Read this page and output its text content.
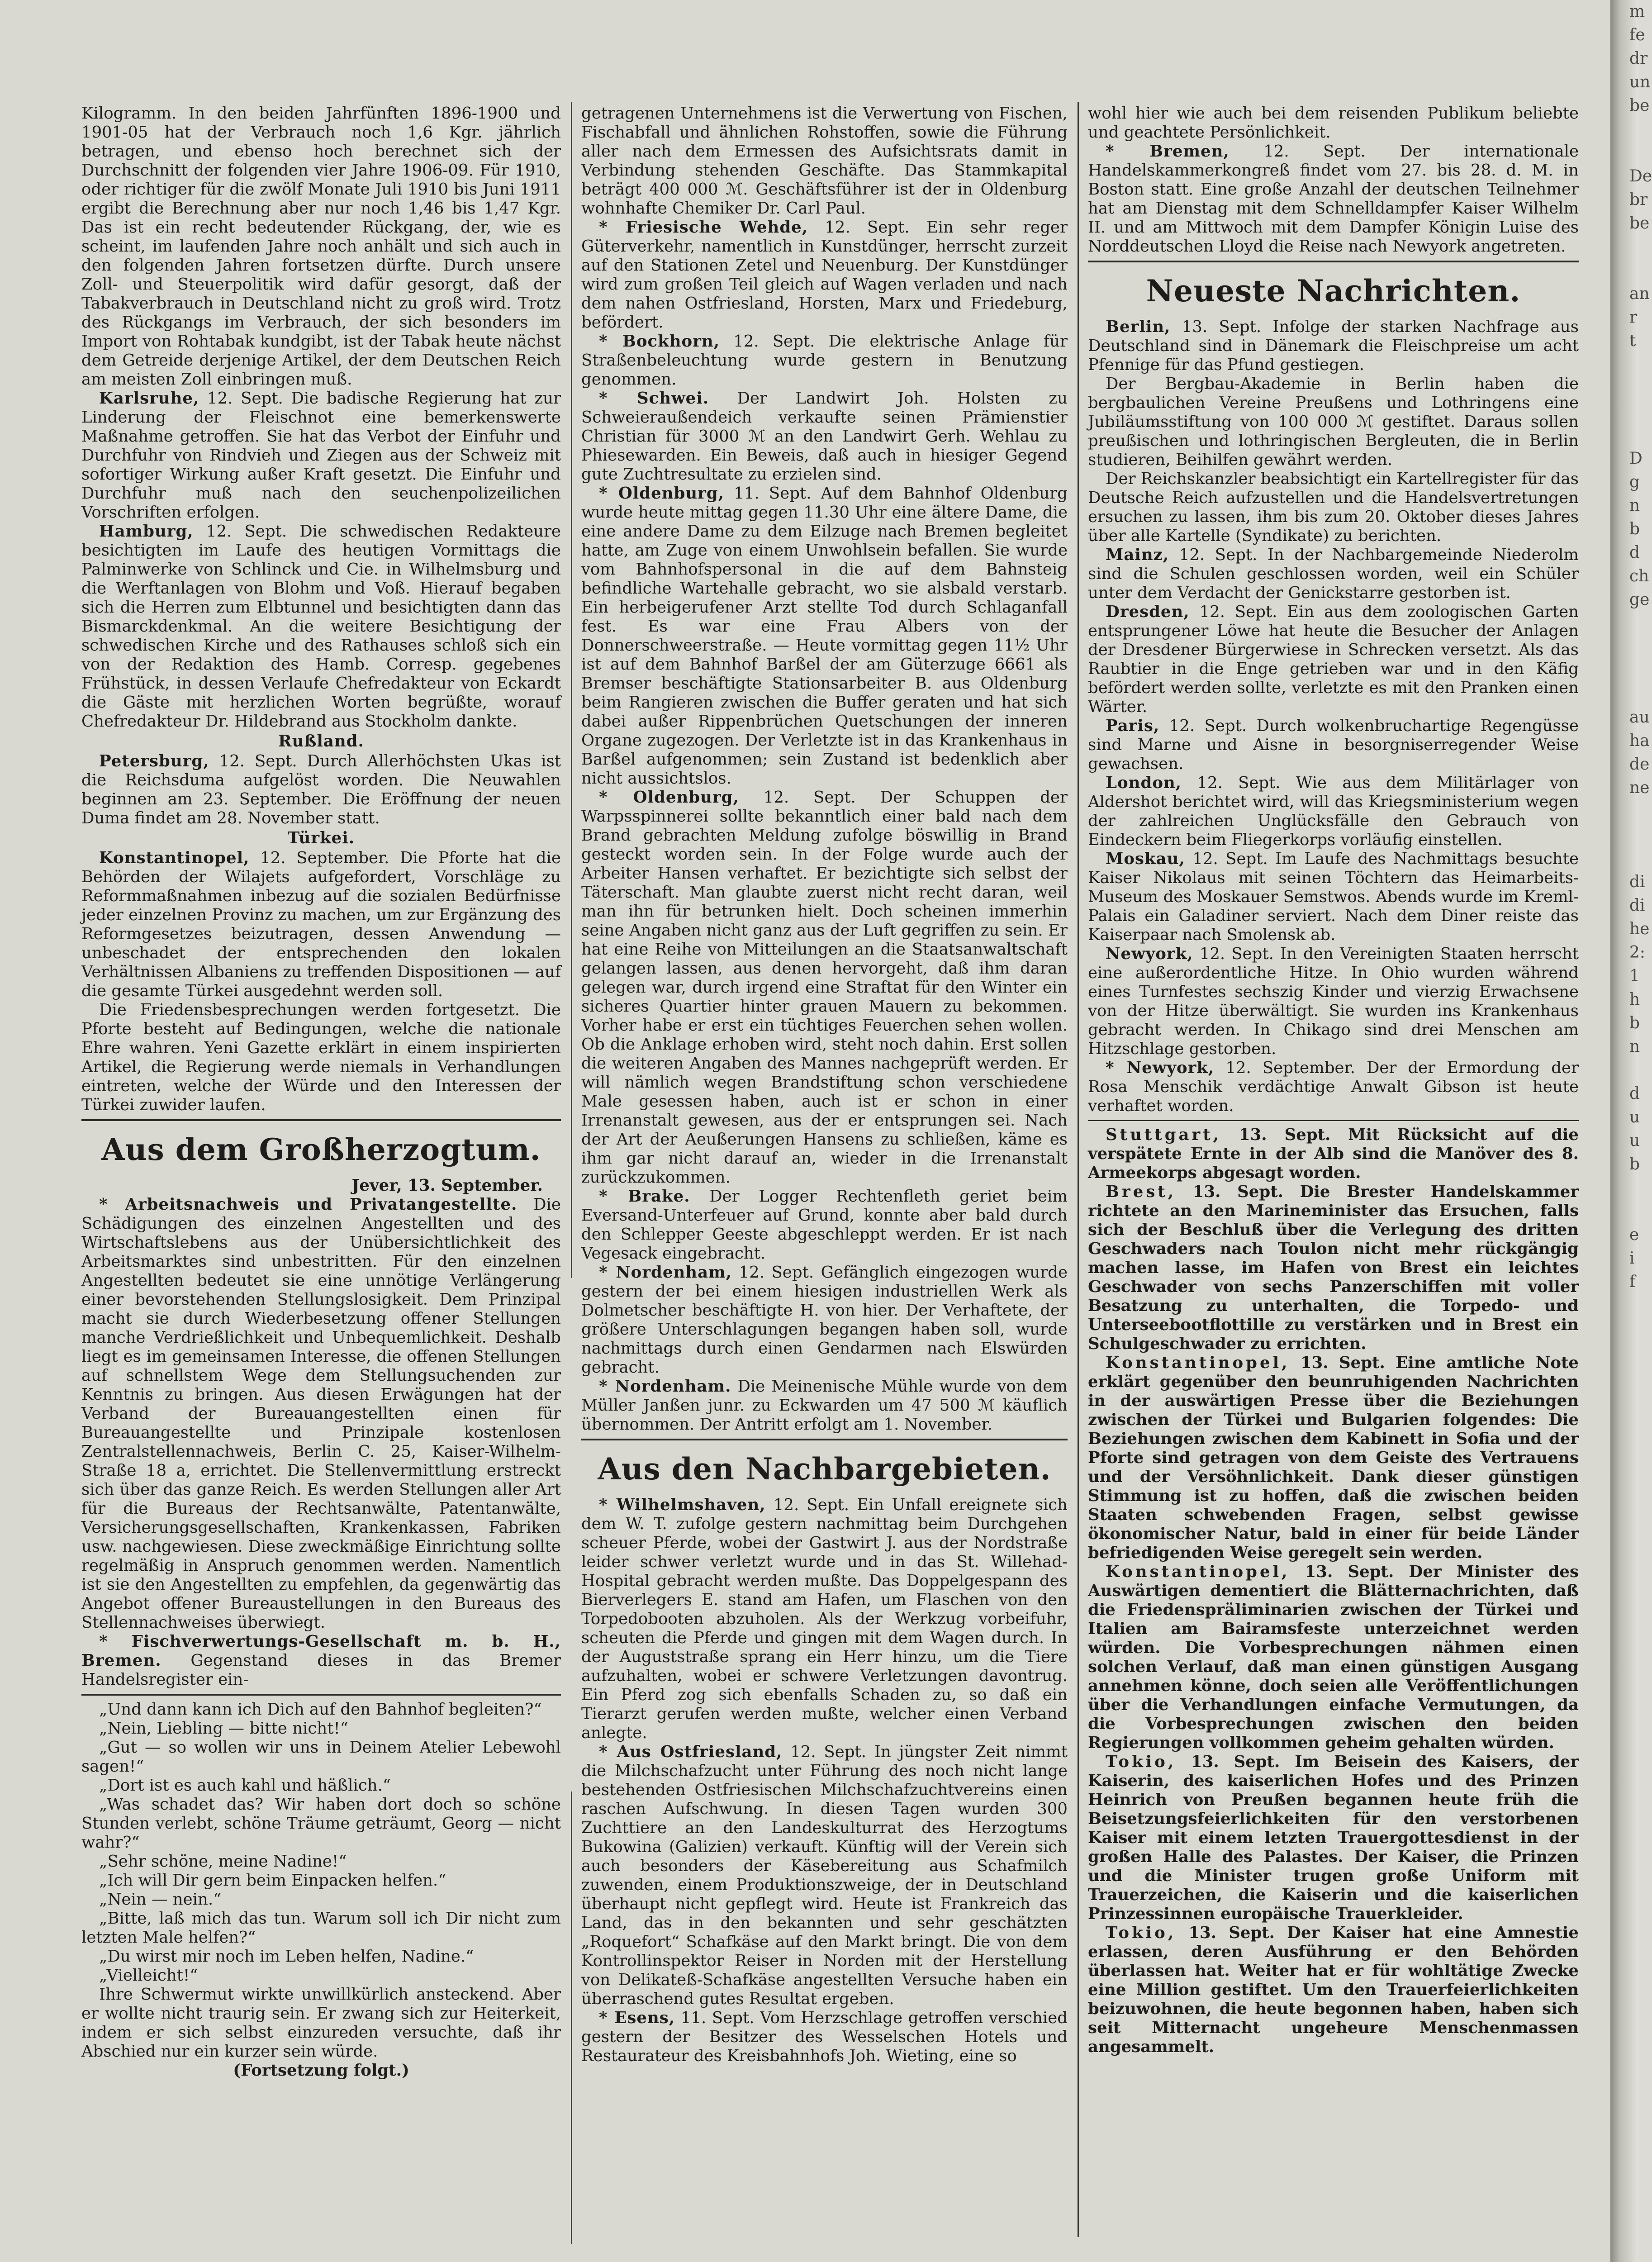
Kilogramm. In den beiden Jahrfünften 1896-1900 und 1901-05 hat der Verbrauch noch 1,6 Kgr. jährlich betragen, und ebenso hoch berechnet sich der Durchschnitt der folgenden vier Jahre 1906-09. Für 1910, oder richtiger für die zwölf Monate Juli 1910 bis Juni 1911 ergibt die Berechnung aber nur noch 1,46 bis 1,47 Kgr. Das ist ein recht bedeutender Rückgang, der, wie es scheint, im laufenden Jahre noch anhält und sich auch in den folgenden Jahren fortsetzen dürfte. Durch unsere Zoll- und Steuerpolitik wird dafür gesorgt, daß der Tabakverbrauch in Deutschland nicht zu groß wird. Trotz des Rückgangs im Verbrauch, der sich besonders im Import von Rohtabak kundgibt, ist der Tabak heute nächst dem Getreide derjenige Artikel, der dem Deutschen Reich am meisten Zoll einbringen muß.

Karlsruhe, 12. Sept. Die badische Regierung hat zur Linderung der Fleischnot eine bemerkenswerte Maßnahme getroffen. Sie hat das Verbot der Einfuhr und Durchfuhr von Rindvieh und Ziegen aus der Schweiz mit sofortiger Wirkung außer Kraft gesetzt. Die Einfuhr und Durchfuhr muß nach den seuchenpolizeilichen Vorschriften erfolgen.

Hamburg, 12. Sept. Die schwedischen Redakteure besichtigten im Laufe des heutigen Vormittags die Palminwerke von Schlinck und Cie. in Wilhelmsburg und die Werftanlagen von Blohm und Voß. Hierauf begaben sich die Herren zum Elbtunnel und besichtigten dann das Bismarckdenkmal. An die weitere Besichtigung der schwedischen Kirche und des Rathauses schloß sich ein von der Redaktion des Hamb. Corresp. gegebenes Frühstück, in dessen Verlaufe Chefredakteur von Eckardt die Gäste mit herzlichen Worten begrüßte, worauf Chefredakteur Dr. Hildebrand aus Stockholm dankte.

Rußland.

Petersburg, 12. Sept. Durch Allerhöchsten Ukas ist die Reichsduma aufgelöst worden. Die Neuwahlen beginnen am 23. September. Die Eröffnung der neuen Duma findet am 28. November statt.

Türkei.

Konstantinopel, 12. September. Die Pforte hat die Behörden der Wilajets aufgefordert, Vorschläge zu Reformmaßnahmen inbezug auf die sozialen Bedürfnisse jeder einzelnen Provinz zu machen, um zur Ergänzung des Reformgesetzes beizutragen, dessen Anwendung — unbeschadet der entsprechenden den lokalen Verhältnissen Albaniens zu treffenden Dispositionen — auf die gesamte Türkei ausgedehnt werden soll.

Die Friedensbesprechungen werden fortgesetzt. Die Pforte besteht auf Bedingungen, welche die nationale Ehre wahren. Yeni Gazette erklärt in einem inspirierten Artikel, die Regierung werde niemals in Verhandlungen eintreten, welche der Würde und den Interessen der Türkei zuwider laufen.

Aus dem Großherzogtum.
Jever, 13. September.

* Arbeitsnachweis und Privatangestellte. Die Schädigungen des einzelnen Angestellten und des Wirtschaftslebens aus der Unübersichtlichkeit des Arbeitsmarktes sind unbestritten. Für den einzelnen Angestellten bedeutet sie eine unnötige Verlängerung einer bevorstehenden Stellungslosigkeit. Dem Prinzipal macht sie durch Wiederbesetzung offener Stellungen manche Verdrießlichkeit und Unbequemlichkeit. Deshalb liegt es im gemeinsamen Interesse, die offenen Stellungen auf schnellstem Wege dem Stellungsuchenden zur Kenntnis zu bringen. Aus diesen Erwägungen hat der Verband der Bureauangestellten einen für Bureauangestellte und Prinzipale kostenlosen Zentralstellennachweis, Berlin C. 25, Kaiser-Wilhelm-Straße 18 a, errichtet. Die Stellenvermittlung erstreckt sich über das ganze Reich. Es werden Stellungen aller Art für die Bureaus der Rechtsanwälte, Patentanwälte, Versicherungsgesellschaften, Krankenkassen, Fabriken usw. nachgewiesen. Diese zweckmäßige Einrichtung sollte regelmäßig in Anspruch genommen werden. Namentlich ist sie den Angestellten zu empfehlen, da gegenwärtig das Angebot offener Bureaustellungen in den Bureaus des Stellennachweises überwiegt.

* Fischverwertungs-Gesellschaft m. b. H., Bremen. Gegenstand dieses in das Bremer Handelsregister ein-

„Und dann kann ich Dich auf den Bahnhof begleiten?“

„Nein, Liebling — bitte nicht!“

„Gut — so wollen wir uns in Deinem Atelier Lebewohl sagen!“

„Dort ist es auch kahl und häßlich.“

„Was schadet das? Wir haben dort doch so schöne Stunden verlebt, schöne Träume geträumt, Georg — nicht wahr?“

„Sehr schöne, meine Nadine!“

„Ich will Dir gern beim Einpacken helfen.“

„Nein — nein.“

„Bitte, laß mich das tun. Warum soll ich Dir nicht zum letzten Male helfen?“

„Du wirst mir noch im Leben helfen, Nadine.“

„Vielleicht!“

Ihre Schwermut wirkte unwillkürlich ansteckend. Aber er wollte nicht traurig sein. Er zwang sich zur Heiterkeit, indem er sich selbst einzureden versuchte, daß ihr Abschied nur ein kurzer sein würde.

(Fortsetzung folgt.)

getragenen Unternehmens ist die Verwertung von Fischen, Fischabfall und ähnlichen Rohstoffen, sowie die Führung aller nach dem Ermessen des Aufsichtsrats damit in Verbindung stehenden Geschäfte. Das Stammkapital beträgt 400 000 ℳ. Geschäftsführer ist der in Oldenburg wohnhafte Chemiker Dr. Carl Paul.

* Friesische Wehde, 12. Sept. Ein sehr reger Güterverkehr, namentlich in Kunstdünger, herrscht zurzeit auf den Stationen Zetel und Neuenburg. Der Kunstdünger wird zum großen Teil gleich auf Wagen verladen und nach dem nahen Ostfriesland, Horsten, Marx und Friedeburg, befördert.

* Bockhorn, 12. Sept. Die elektrische Anlage für Straßenbeleuchtung wurde gestern in Benutzung genommen.

* Schwei. Der Landwirt Joh. Holsten zu Schweieraußendeich verkaufte seinen Prämienstier Christian für 3000 ℳ an den Landwirt Gerh. Wehlau zu Phiesewarden. Ein Beweis, daß auch in hiesiger Gegend gute Zuchtresultate zu erzielen sind.

* Oldenburg, 11. Sept. Auf dem Bahnhof Oldenburg wurde heute mittag gegen 11.30 Uhr eine ältere Dame, die eine andere Dame zu dem Eilzuge nach Bremen begleitet hatte, am Zuge von einem Unwohlsein befallen. Sie wurde vom Bahnhofspersonal in die auf dem Bahnsteig befindliche Wartehalle gebracht, wo sie alsbald verstarb. Ein herbeigerufener Arzt stellte Tod durch Schlaganfall fest. Es war eine Frau Albers von der Donnerschweerstraße. — Heute vormittag gegen 11½ Uhr ist auf dem Bahnhof Barßel der am Güterzuge 6661 als Bremser beschäftigte Stationsarbeiter B. aus Oldenburg beim Rangieren zwischen die Buffer geraten und hat sich dabei außer Rippenbrüchen Quetschungen der inneren Organe zugezogen. Der Verletzte ist in das Krankenhaus in Barßel aufgenommen; sein Zustand ist bedenklich aber nicht aussichtslos.

* Oldenburg, 12. Sept. Der Schuppen der Warpsspinnerei sollte bekanntlich einer bald nach dem Brand gebrachten Meldung zufolge böswillig in Brand gesteckt worden sein. In der Folge wurde auch der Arbeiter Hansen verhaftet. Er bezichtigte sich selbst der Täterschaft. Man glaubte zuerst nicht recht daran, weil man ihn für betrunken hielt. Doch scheinen immerhin seine Angaben nicht ganz aus der Luft gegriffen zu sein. Er hat eine Reihe von Mitteilungen an die Staatsanwaltschaft gelangen lassen, aus denen hervorgeht, daß ihm daran gelegen war, durch irgend eine Straftat für den Winter ein sicheres Quartier hinter grauen Mauern zu bekommen. Vorher habe er erst ein tüchtiges Feuerchen sehen wollen. Ob die Anklage erhoben wird, steht noch dahin. Erst sollen die weiteren Angaben des Mannes nachgeprüft werden. Er will nämlich wegen Brandstiftung schon verschiedene Male gesessen haben, auch ist er schon in einer Irrenanstalt gewesen, aus der er entsprungen sei. Nach der Art der Aeußerungen Hansens zu schließen, käme es ihm gar nicht darauf an, wieder in die Irrenanstalt zurückzukommen.

* Brake. Der Logger Rechtenfleth geriet beim Eversand-Unterfeuer auf Grund, konnte aber bald durch den Schlepper Geeste abgeschleppt werden. Er ist nach Vegesack eingebracht.

* Nordenham, 12. Sept. Gefänglich eingezogen wurde gestern der bei einem hiesigen industriellen Werk als Dolmetscher beschäftigte H. von hier. Der Verhaftete, der größere Unterschlagungen begangen haben soll, wurde nachmittags durch einen Gendarmen nach Elswürden gebracht.

* Nordenham. Die Meinenische Mühle wurde von dem Müller Janßen junr. zu Eckwarden um 47 500 ℳ käuflich übernommen. Der Antritt erfolgt am 1. November.

Aus den Nachbargebieten.

* Wilhelmshaven, 12. Sept. Ein Unfall ereignete sich dem W. T. zufolge gestern nachmittag beim Durchgehen scheuer Pferde, wobei der Gastwirt J. aus der Nordstraße leider schwer verletzt wurde und in das St. Willehad-Hospital gebracht werden mußte. Das Doppelgespann des Bierverlegers E. stand am Hafen, um Flaschen von den Torpedobooten abzuholen. Als der Werkzug vorbeifuhr, scheuten die Pferde und gingen mit dem Wagen durch. In der Auguststraße sprang ein Herr hinzu, um die Tiere aufzuhalten, wobei er schwere Verletzungen davontrug. Ein Pferd zog sich ebenfalls Schaden zu, so daß ein Tierarzt gerufen werden mußte, welcher einen Verband anlegte.

* Aus Ostfriesland, 12. Sept. In jüngster Zeit nimmt die Milchschafzucht unter Führung des noch nicht lange bestehenden Ostfriesischen Milchschafzuchtvereins einen raschen Aufschwung. In diesen Tagen wurden 300 Zuchttiere an den Landeskulturrat des Herzogtums Bukowina (Galizien) verkauft. Künftig will der Verein sich auch besonders der Käsebereitung aus Schafmilch zuwenden, einem Produktionszweige, der in Deutschland überhaupt nicht gepflegt wird. Heute ist Frankreich das Land, das in den bekannten und sehr geschätzten „Roquefort“ Schafkäse auf den Markt bringt. Die von dem Kontrollinspektor Reiser in Norden mit der Herstellung von Delikateß-Schafkäse angestellten Versuche haben ein überraschend gutes Resultat ergeben.

* Esens, 11. Sept. Vom Herzschlage getroffen verschied gestern der Besitzer des Wesselschen Hotels und Restaurateur des Kreisbahnhofs Joh. Wieting, eine so

wohl hier wie auch bei dem reisenden Publikum beliebte und geachtete Persönlichkeit.

* Bremen, 12. Sept. Der internationale Handelskammerkongreß findet vom 27. bis 28. d. M. in Boston statt. Eine große Anzahl der deutschen Teilnehmer hat am Dienstag mit dem Schnelldampfer Kaiser Wilhelm II. und am Mittwoch mit dem Dampfer Königin Luise des Norddeutschen Lloyd die Reise nach Newyork angetreten.

Neueste Nachrichten.

Berlin, 13. Sept. Infolge der starken Nachfrage aus Deutschland sind in Dänemark die Fleischpreise um acht Pfennige für das Pfund gestiegen.

Der Bergbau-Akademie in Berlin haben die bergbaulichen Vereine Preußens und Lothringens eine Jubiläumsstiftung von 100 000 ℳ gestiftet. Daraus sollen preußischen und lothringischen Bergleuten, die in Berlin studieren, Beihilfen gewährt werden.

Der Reichskanzler beabsichtigt ein Kartellregister für das Deutsche Reich aufzustellen und die Handelsvertretungen ersuchen zu lassen, ihm bis zum 20. Oktober dieses Jahres über alle Kartelle (Syndikate) zu berichten.

Mainz, 12. Sept. In der Nachbargemeinde Niederolm sind die Schulen geschlossen worden, weil ein Schüler unter dem Verdacht der Genickstarre gestorben ist.

Dresden, 12. Sept. Ein aus dem zoologischen Garten entsprungener Löwe hat heute die Besucher der Anlagen der Dresdener Bürgerwiese in Schrecken versetzt. Als das Raubtier in die Enge getrieben war und in den Käfig befördert werden sollte, verletzte es mit den Pranken einen Wärter.

Paris, 12. Sept. Durch wolkenbruchartige Regengüsse sind Marne und Aisne in besorgniserregender Weise gewachsen.

London, 12. Sept. Wie aus dem Militärlager von Aldershot berichtet wird, will das Kriegsministerium wegen der zahlreichen Unglücksfälle den Gebrauch von Eindeckern beim Fliegerkorps vorläufig einstellen.

Moskau, 12. Sept. Im Laufe des Nachmittags besuchte Kaiser Nikolaus mit seinen Töchtern das Heimarbeits-Museum des Moskauer Semstwos. Abends wurde im Kreml-Palais ein Galadiner serviert. Nach dem Diner reiste das Kaiserpaar nach Smolensk ab.

Newyork, 12. Sept. In den Vereinigten Staaten herrscht eine außerordentliche Hitze. In Ohio wurden während eines Turnfestes sechszig Kinder und vierzig Erwachsene von der Hitze überwältigt. Sie wurden ins Krankenhaus gebracht werden. In Chikago sind drei Menschen am Hitzschlage gestorben.

* Newyork, 12. September. Der der Ermordung der Rosa Menschik verdächtige Anwalt Gibson ist heute verhaftet worden.

Stuttgart, 13. Sept. Mit Rücksicht auf die verspätete Ernte in der Alb sind die Manöver des 8. Armeekorps abgesagt worden.

Brest, 13. Sept. Die Brester Handelskammer richtete an den Marineminister das Ersuchen, falls sich der Beschluß über die Verlegung des dritten Geschwaders nach Toulon nicht mehr rückgängig machen lasse, im Hafen von Brest ein leichtes Geschwader von sechs Panzerschiffen mit voller Besatzung zu unterhalten, die Torpedo- und Unterseebootflottille zu verstärken und in Brest ein Schulgeschwader zu errichten.

Konstantinopel, 13. Sept. Eine amtliche Note erklärt gegenüber den beunruhigenden Nachrichten in der auswärtigen Presse über die Beziehungen zwischen der Türkei und Bulgarien folgendes: Die Beziehungen zwischen dem Kabinett in Sofia und der Pforte sind getragen von dem Geiste des Vertrauens und der Versöhnlichkeit. Dank dieser günstigen Stimmung ist zu hoffen, daß die zwischen beiden Staaten schwebenden Fragen, selbst gewisse ökonomischer Natur, bald in einer für beide Länder befriedigenden Weise geregelt sein werden.

Konstantinopel, 13. Sept. Der Minister des Auswärtigen dementiert die Blätternachrichten, daß die Friedenspräliminarien zwischen der Türkei und Italien am Bairamsfeste unterzeichnet werden würden. Die Vorbesprechungen nähmen einen solchen Verlauf, daß man einen günstigen Ausgang annehmen könne, doch seien alle Veröffentlichungen über die Verhandlungen einfache Vermutungen, da die Vorbesprechungen zwischen den beiden Regierungen vollkommen geheim gehalten würden.

Tokio, 13. Sept. Im Beisein des Kaisers, der Kaiserin, des kaiserlichen Hofes und des Prinzen Heinrich von Preußen begannen heute früh die Beisetzungsfeierlichkeiten für den verstorbenen Kaiser mit einem letzten Trauergottesdienst in der großen Halle des Palastes. Der Kaiser, die Prinzen und die Minister trugen große Uniform mit Trauerzeichen, die Kaiserin und die kaiserlichen Prinzessinnen europäische Trauerkleider.

Tokio, 13. Sept. Der Kaiser hat eine Amnestie erlassen, deren Ausführung er den Behörden überlassen hat. Weiter hat er für wohltätige Zwecke eine Million gestiftet. Um den Trauerfeierlichkeiten beizuwohnen, die heute begonnen haben, haben sich seit Mitternacht ungeheure Menschenmassen angesammelt.

m
fe
dr
un
be

De
br
be

an
r
t

D
g
n
b
d
ch
ge

au
ha
de
ne

di
di
he
2:
1
h
b
n

d
u
u
b

e
i
f
